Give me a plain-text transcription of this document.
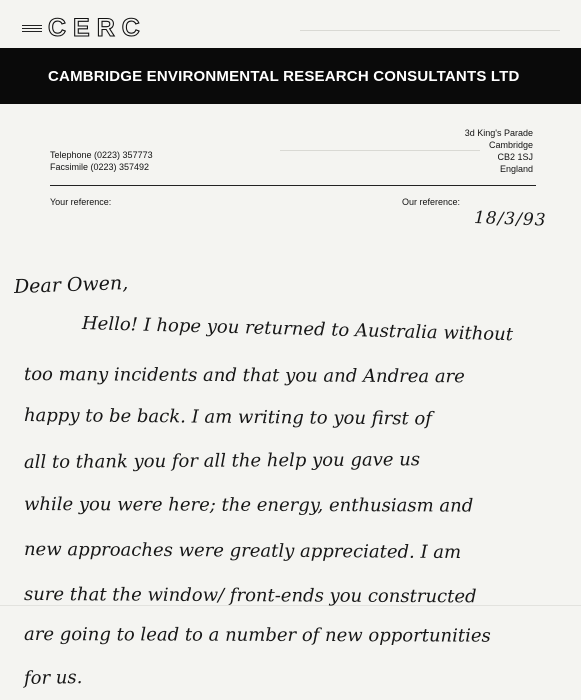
CERC
CAMBRIDGE ENVIRONMENTAL RESEARCH CONSULTANTS LTD
3d King's Parade
Cambridge
CB2 1SJ
England
Telephone (0223) 357773
Facsimile (0223) 357492
Your reference:	Our reference:
18/3/93
Dear Owen,
Hello! I hope you returned to Australia without
too many incidents and that you and Andrea are
happy to be back. I am writing to you first of
all to thank you for all the help you gave us
while you were here; the energy, enthusiasm and
new approaches were greatly appreciated. I am
sure that the window/ front-ends you constructed
are going to lead to a number of new opportunities
for us.
